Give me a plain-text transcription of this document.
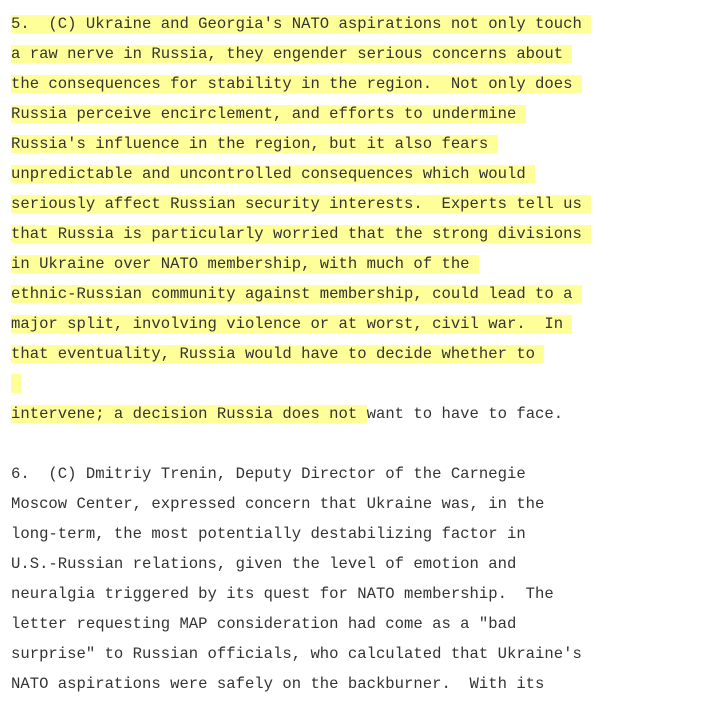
5.  (C) Ukraine and Georgia's NATO aspirations not only touch
a raw nerve in Russia, they engender serious concerns about
the consequences for stability in the region.  Not only does
Russia perceive encirclement, and efforts to undermine
Russia's influence in the region, but it also fears
unpredictable and uncontrolled consequences which would
seriously affect Russian security interests.  Experts tell us
that Russia is particularly worried that the strong divisions
in Ukraine over NATO membership, with much of the
ethnic-Russian community against membership, could lead to a
major split, involving violence or at worst, civil war.  In
that eventuality, Russia would have to decide whether to
intervene; a decision Russia does not want to have to face.
6.  (C) Dmitriy Trenin, Deputy Director of the Carnegie
Moscow Center, expressed concern that Ukraine was, in the
long-term, the most potentially destabilizing factor in
U.S.-Russian relations, given the level of emotion and
neuralgia triggered by its quest for NATO membership.  The
letter requesting MAP consideration had come as a "bad
surprise" to Russian officials, who calculated that Ukraine's
NATO aspirations were safely on the backburner.  With its
